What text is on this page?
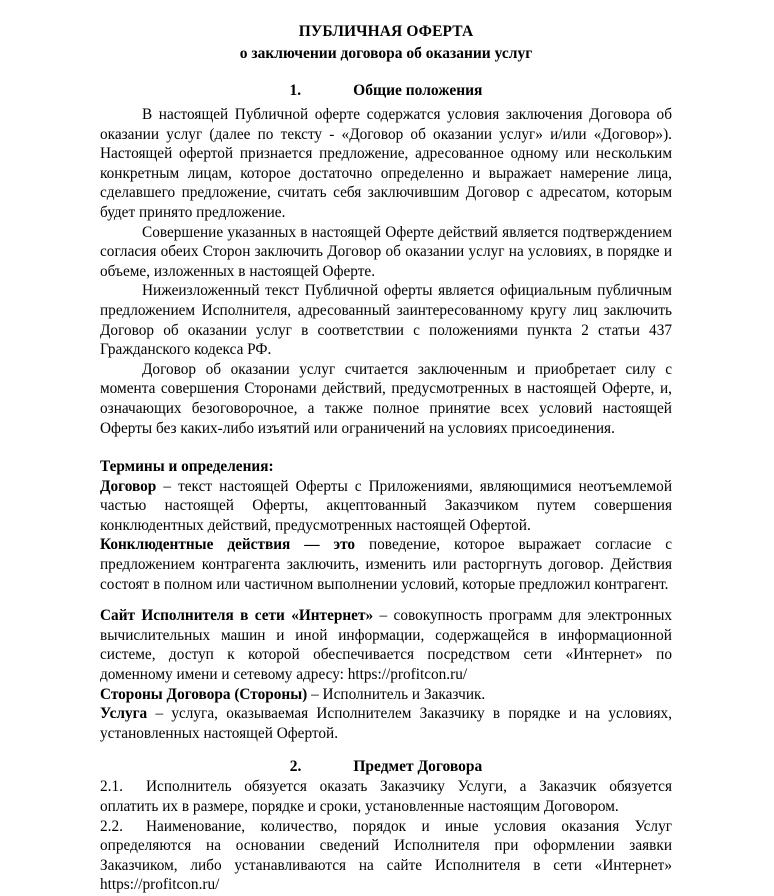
ПУБЛИЧНАЯ ОФЕРТА
о заключении договора об оказании услуг
1.	Общие положения

В настоящей Публичной оферте содержатся условия заключения Договора об оказании услуг (далее по тексту - «Договор об оказании услуг» и/или «Договор»). Настоящей офертой признается предложение, адресованное одному или нескольким конкретным лицам, которое достаточно определенно и выражает намерение лица, сделавшего предложение, считать себя заключившим Договор с адресатом, которым будет принято предложение.

Совершение указанных в настоящей Оферте действий является подтверждением согласия обеих Сторон заключить Договор об оказании услуг на условиях, в порядке и объеме, изложенных в настоящей Оферте.

Нижеизложенный текст Публичной оферты является официальным публичным предложением Исполнителя, адресованный заинтересованному кругу лиц заключить Договор об оказании услуг в соответствии с положениями пункта 2 статьи 437 Гражданского кодекса РФ.

Договор об оказании услуг считается заключенным и приобретает силу с момента совершения Сторонами действий, предусмотренных в настоящей Оферте, и, означающих безоговорочное, а также полное принятие всех условий настоящей Оферты без каких-либо изъятий или ограничений на условиях присоединения.

Термины и определения:

Договор – текст настоящей Оферты с Приложениями, являющимися неотъемлемой частью настоящей Оферты, акцептованный Заказчиком путем совершения конклюдентных действий, предусмотренных настоящей Офертой.

Конклюдентные действия — это поведение, которое выражает согласие с предложением контрагента заключить, изменить или расторгнуть договор. Действия состоят в полном или частичном выполнении условий, которые предложил контрагент.

Сайт Исполнителя в сети «Интернет» – совокупность программ для электронных вычислительных машин и иной информации, содержащейся в информационной системе, доступ к которой обеспечивается посредством сети «Интернет» по доменному имени и сетевому адресу: https://profitcon.ru/

Стороны Договора (Стороны) – Исполнитель и Заказчик.

Услуга – услуга, оказываемая Исполнителем Заказчику в порядке и на условиях, установленных настоящей Офертой.

2.	Предмет Договора

2.1. Исполнитель обязуется оказать Заказчику Услуги, а Заказчик обязуется оплатить их в размере, порядке и сроки, установленные настоящим Договором.

2.2. Наименование, количество, порядок и иные условия оказания Услуг определяются на основании сведений Исполнителя при оформлении заявки Заказчиком, либо устанавливаются на сайте Исполнителя в сети «Интернет» https://profitcon.ru/
